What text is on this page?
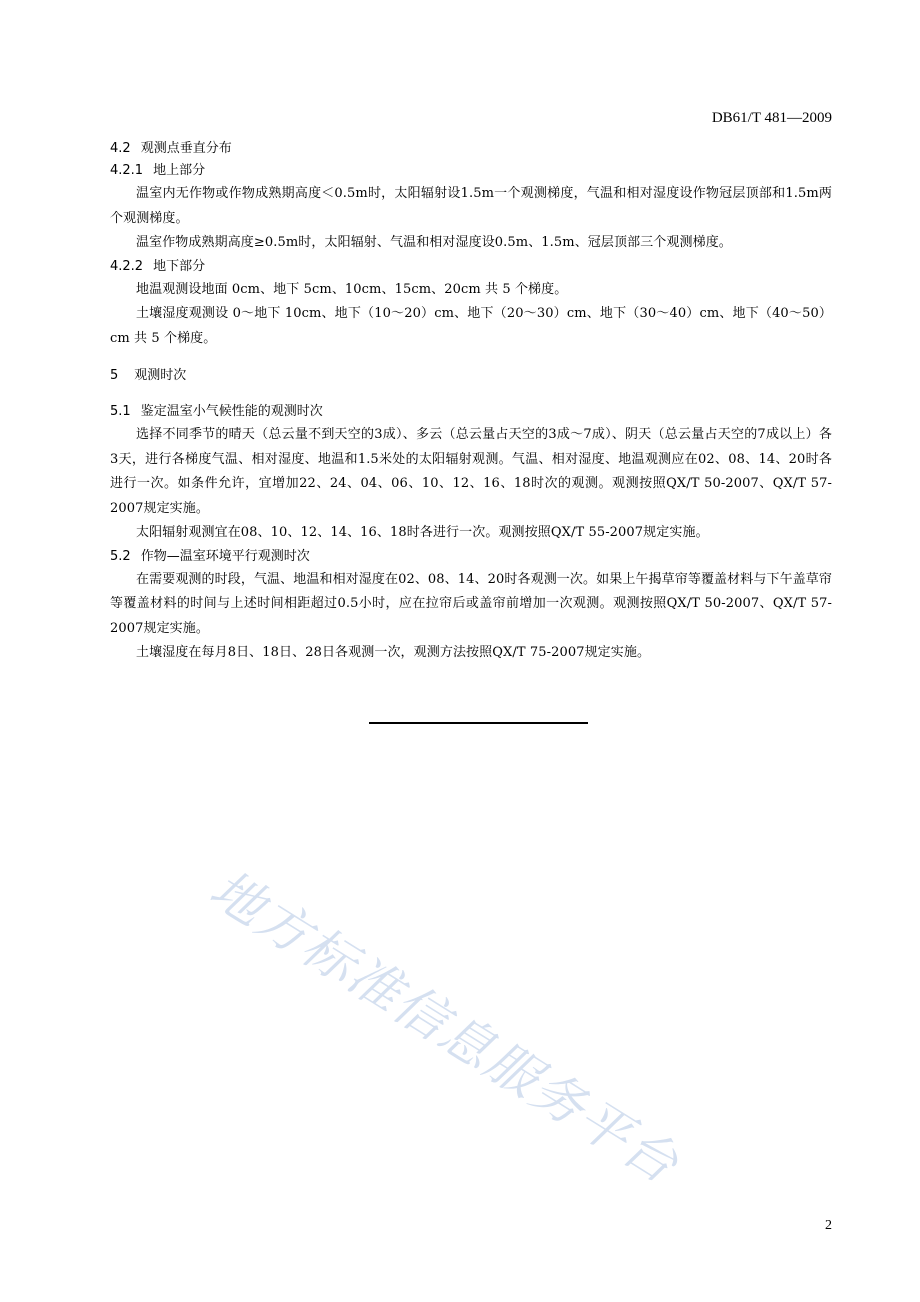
DB61/T 481—2009
4.2 观测点垂直分布
4.2.1 地上部分

温室内无作物或作物成熟期高度＜0.5m时，太阳辐射设1.5m一个观测梯度，气温和相对湿度设作物冠层顶部和1.5m两个观测梯度。

温室作物成熟期高度≥0.5m时，太阳辐射、气温和相对湿度设0.5m、1.5m、冠层顶部三个观测梯度。

4.2.2 地下部分

地温观测设地面 0cm、地下 5cm、10cm、15cm、20cm 共 5 个梯度。

土壤湿度观测设 0～地下 10cm、地下（10～20）cm、地下（20～30）cm、地下（30～40）cm、地下（40～50）cm 共 5 个梯度。

5 观测时次
5.1 鉴定温室小气候性能的观测时次

选择不同季节的晴天（总云量不到天空的3成）、多云（总云量占天空的3成～7成）、阴天（总云量占天空的7成以上）各3天，进行各梯度气温、相对湿度、地温和1.5米处的太阳辐射观测。气温、相对湿度、地温观测应在02、08、14、20时各进行一次。如条件允许，宜增加22、24、04、06、10、12、16、18时次的观测。观测按照QX/T 50-2007、QX/T 57-2007规定实施。

太阳辐射观测宜在08、10、12、14、16、18时各进行一次。观测按照QX/T 55-2007规定实施。

5.2 作物—温室环境平行观测时次

在需要观测的时段，气温、地温和相对湿度在02、08、14、20时各观测一次。如果上午揭草帘等覆盖材料与下午盖草帘等覆盖材料的时间与上述时间相距超过0.5小时，应在拉帘后或盖帘前增加一次观测。观测按照QX/T 50-2007、QX/T 57-2007规定实施。

土壤湿度在每月8日、18日、28日各观测一次，观测方法按照QX/T 75-2007规定实施。

地方标准信息服务平台
2
